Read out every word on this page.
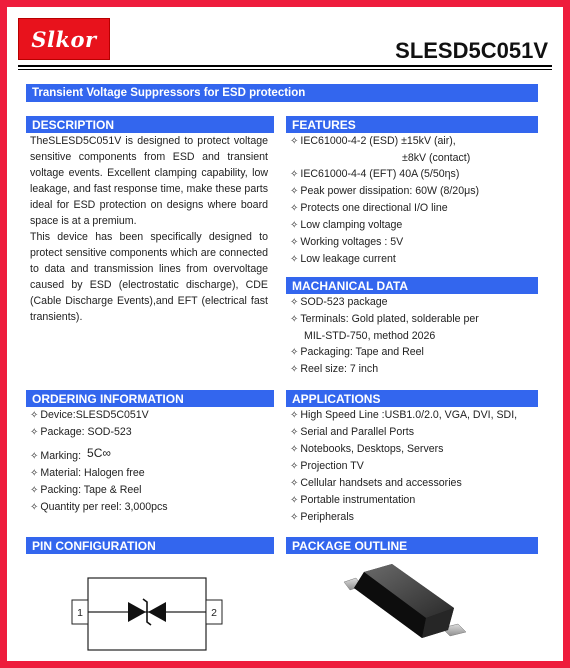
Slkor	SLESD5C051V
Transient Voltage Suppressors for ESD protection
DESCRIPTION
TheSLESD5C051V is designed to protect voltage sensitive components from ESD and transient voltage events. Excellent clamping capability, low leakage, and fast response time, make these parts ideal for ESD protection on designs where board space is at a premium.
This device has been specifically designed to protect sensitive components which are connected to data and transmission lines from overvoltage caused by ESD (electrostatic discharge), CDE (Cable Discharge Events),and EFT (electrical fast transients).
FEATURES
✧ IEC61000-4-2 (ESD) ±15kV (air),
±8kV (contact)
✧ IEC61000-4-4 (EFT) 40A (5/50ηs)
✧ Peak power dissipation: 60W (8/20μs)
✧ Protects one directional I/O line
✧ Low clamping voltage
✧ Working voltages : 5V
✧ Low leakage current
MACHANICAL DATA
✧ SOD-523 package
✧ Terminals: Gold plated, solderable per
MIL-STD-750, method 2026
✧ Packaging: Tape and Reel
✧ Reel size: 7 inch
ORDERING INFORMATION
✧ Device:SLESD5C051V
✧ Package: SOD-523
✧ Marking: 5C∞
✧ Material: Halogen free
✧ Packing: Tape & Reel
✧ Quantity per reel: 3,000pcs
APPLICATIONS
✧ High Speed Line :USB1.0/2.0, VGA, DVI, SDI,
✧ Serial and Parallel Ports
✧ Notebooks, Desktops, Servers
✧ Projection TV
✧ Cellular handsets and accessories
✧ Portable instrumentation
✧ Peripherals
PIN CONFIGURATION
1	2
PACKAGE OUTLINE
